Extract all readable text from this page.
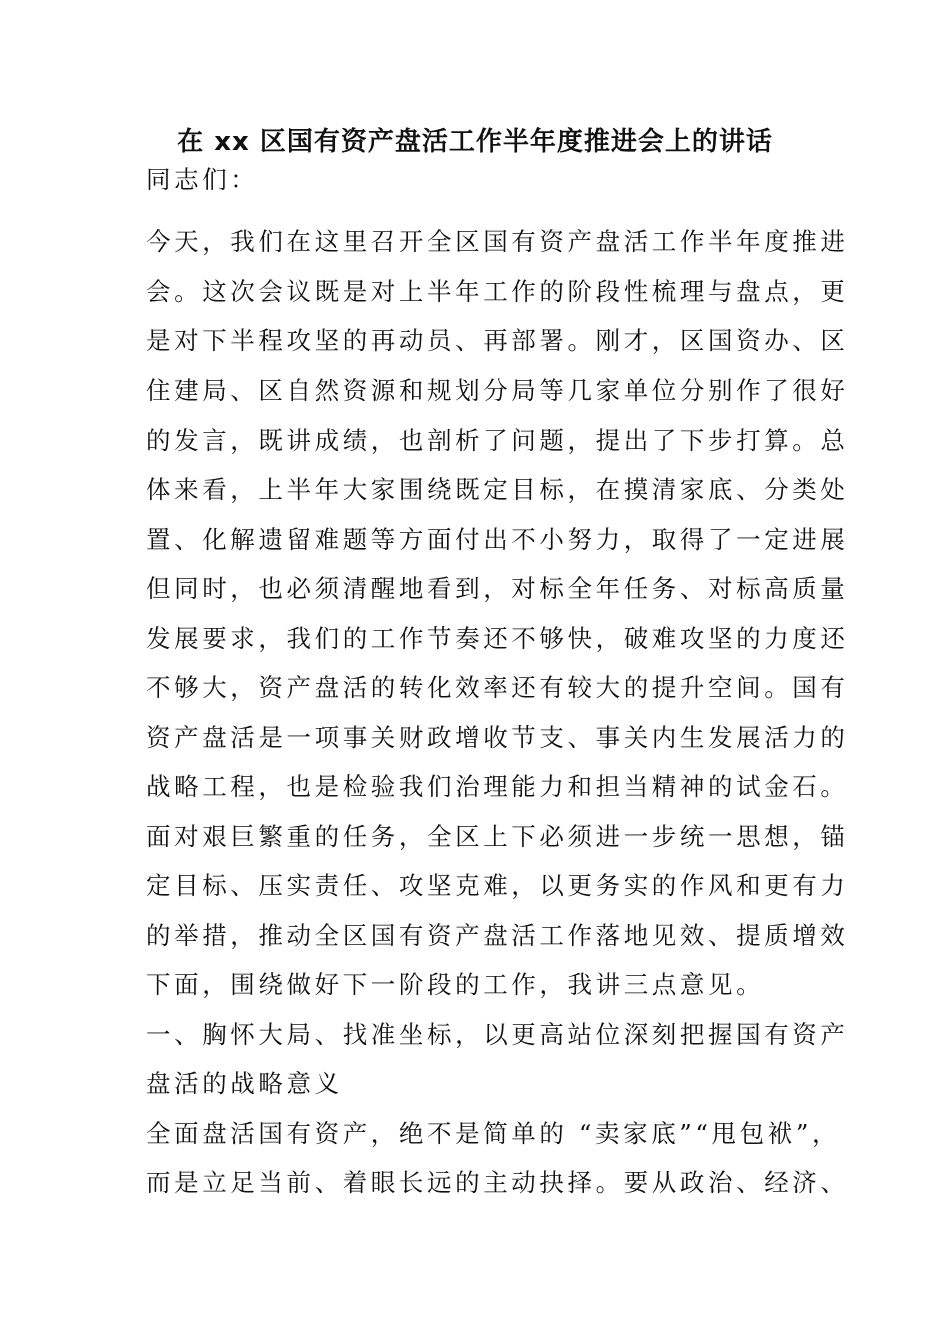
在 xx 区国有资产盘活工作半年度推进会上的讲话
同志们：
今天，我们在这里召开全区国有资产盘活工作半年度推进
会。这次会议既是对上半年工作的阶段性梳理与盘点，更
是对下半程攻坚的再动员、再部署。刚才，区国资办、区
住建局、区自然资源和规划分局等几家单位分别作了很好
的发言，既讲成绩，也剖析了问题，提出了下步打算。总
体来看，上半年大家围绕既定目标，在摸清家底、分类处
置、化解遗留难题等方面付出不小努力，取得了一定进展
但同时，也必须清醒地看到，对标全年任务、对标高质量
发展要求，我们的工作节奏还不够快，破难攻坚的力度还
不够大，资产盘活的转化效率还有较大的提升空间。国有
资产盘活是一项事关财政增收节支、事关内生发展活力的
战略工程，也是检验我们治理能力和担当精神的试金石。
面对艰巨繁重的任务，全区上下必须进一步统一思想，锚
定目标、压实责任、攻坚克难，以更务实的作风和更有力
的举措，推动全区国有资产盘活工作落地见效、提质增效
下面，围绕做好下一阶段的工作，我讲三点意见。
一、胸怀大局、找准坐标，以更高站位深刻把握国有资产
盘活的战略意义
全面盘活国有资产，绝不是简单的 “卖家底”“甩包袱”，
而是立足当前、着眼长远的主动抉择。要从政治、经济、
